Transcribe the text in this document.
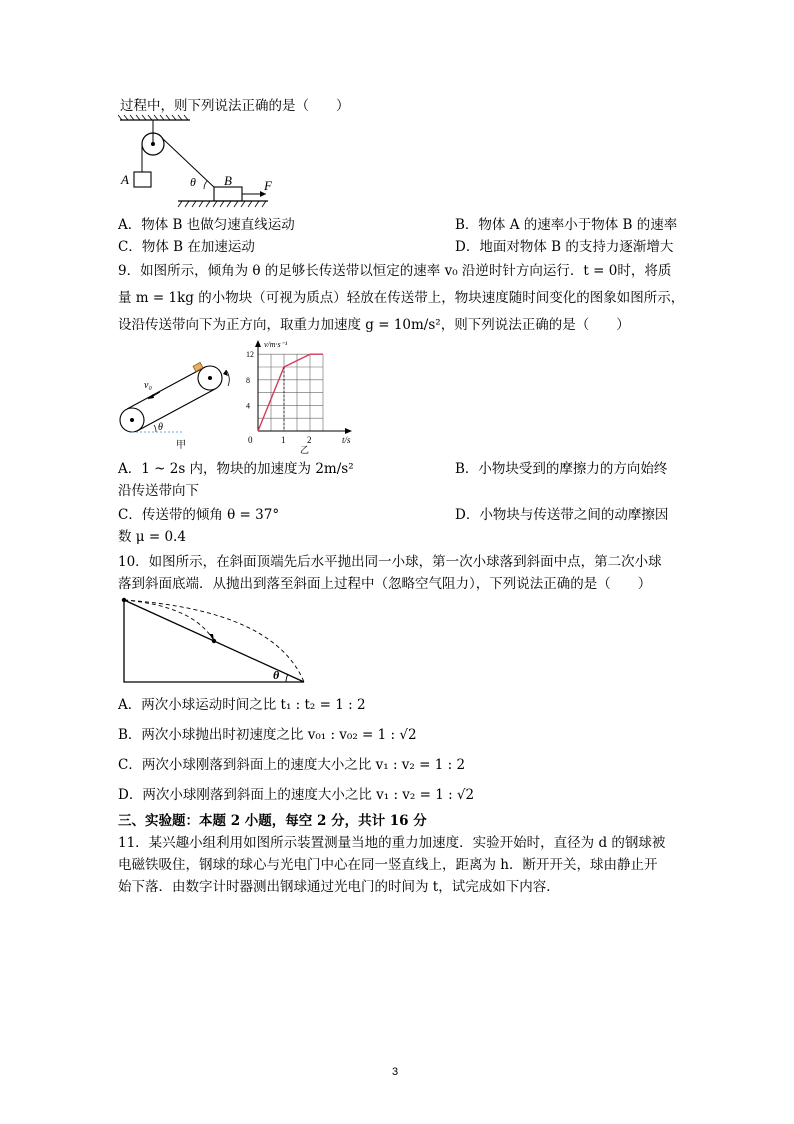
过程中，则下列说法正确的是（　　）
A	B F
θ
A．物体 B 也做匀速直线运动	B．物体 A 的速率小于物体 B 的速率
C．物体 B 在加速运动	D．地面对物体 B 的支持力逐渐增大
9．如图所示，倾角为 θ 的足够长传送带以恒定的速率 v₀ 沿逆时针方向运行．t = 0时，将质
量 m = 1kg 的小物块（可视为质点）轻放在传送带上，物块速度随时间变化的图象如图所示，
设沿传送带向下为正方向，取重力加速度 g = 10m/s²，则下列说法正确的是（　　）
v₀
θ
甲
4
8
12
1 2
v/m·s⁻¹
t/s
0
乙
A．1 ~ 2s 内，物块的加速度为 2m/s²	B．小物块受到的摩擦力的方向始终
沿传送带向下
C．传送带的倾角 θ = 37°	D．小物块与传送带之间的动摩擦因
数 μ = 0.4
10．如图所示，在斜面顶端先后水平抛出同一小球，第一次小球落到斜面中点，第二次小球
落到斜面底端．从抛出到落至斜面上过程中（忽略空气阻力），下列说法正确的是（　　）
θ
A．两次小球运动时间之比 t₁ : t₂ = 1 : 2
B．两次小球抛出时初速度之比 v₀₁ : v₀₂ = 1 : √2
C．两次小球刚落到斜面上的速度大小之比 v₁ : v₂ = 1 : 2
D．两次小球刚落到斜面上的速度大小之比 v₁ : v₂ = 1 : √2
三、实验题：本题 2 小题，每空 2 分，共计 16 分
11．某兴趣小组利用如图所示装置测量当地的重力加速度．实验开始时，直径为 d 的钢球被
电磁铁吸住，钢球的球心与光电门中心在同一竖直线上，距离为 h．断开开关，球由静止开
始下落．由数字计时器测出钢球通过光电门的时间为 t，试完成如下内容．
3
